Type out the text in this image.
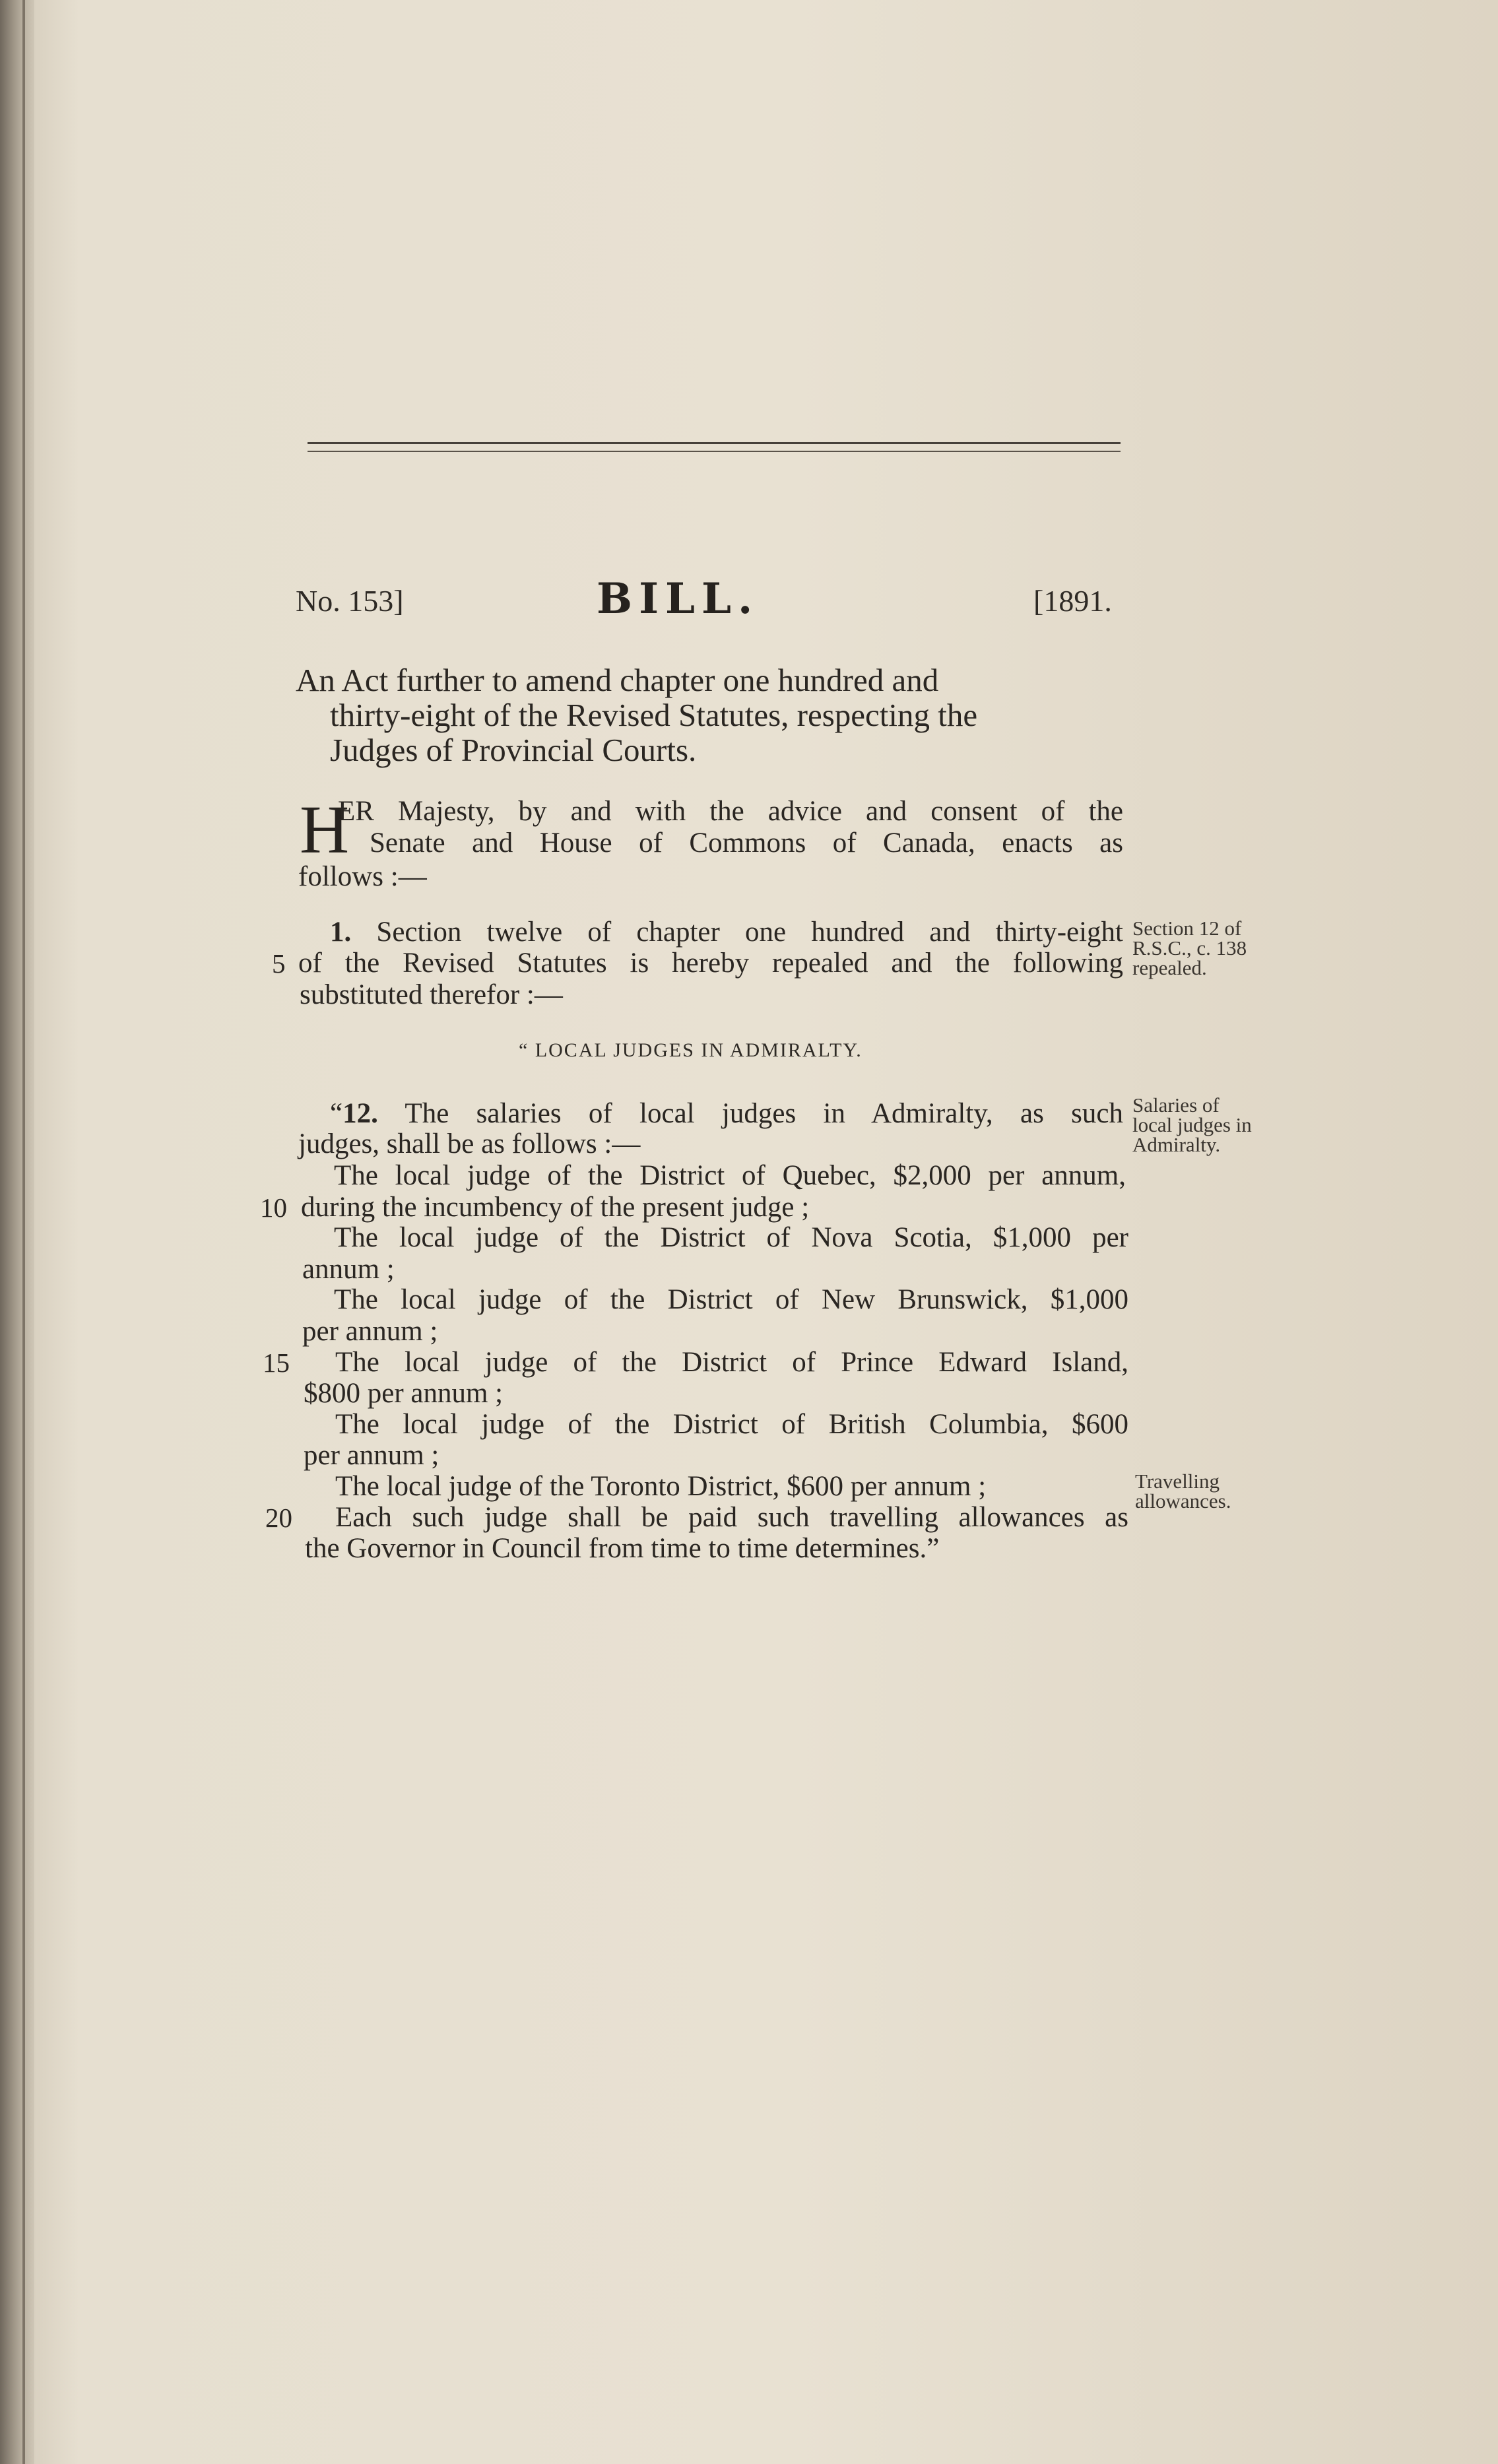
No. 153]	BILL.	[1891.
An Act further to amend chapter one hundred and
thirty-eight of the Revised Statutes, respecting the
Judges of Provincial Courts.
H
ER Majesty, by and with the advice and consent of the
Senate and House of Commons of Canada, enacts as
follows :—
1. Section twelve of chapter one hundred and thirty-eight
5 of the Revised Statutes is hereby repealed and the following
substituted therefor :—
Section 12 of
R.S.C., c. 138
repealed.
“ LOCAL JUDGES IN ADMIRALTY.
“12. The salaries of local judges in Admiralty, as such
judges, shall be as follows :—
Salaries of
local judges in
Admiralty.
The local judge of the District of Quebec, $2,000 per annum,
10 during the incumbency of the present judge ;
The local judge of the District of Nova Scotia, $1,000 per
annum ;
The local judge of the District of New Brunswick, $1,000
per annum ;
15 The local judge of the District of Prince Edward Island,
$800 per annum ;
The local judge of the District of British Columbia, $600
per annum ;
The local judge of the Toronto District, $600 per annum ;	Travelling
allowances.
20 Each such judge shall be paid such travelling allowances as
the Governor in Council from time to time determines.”
